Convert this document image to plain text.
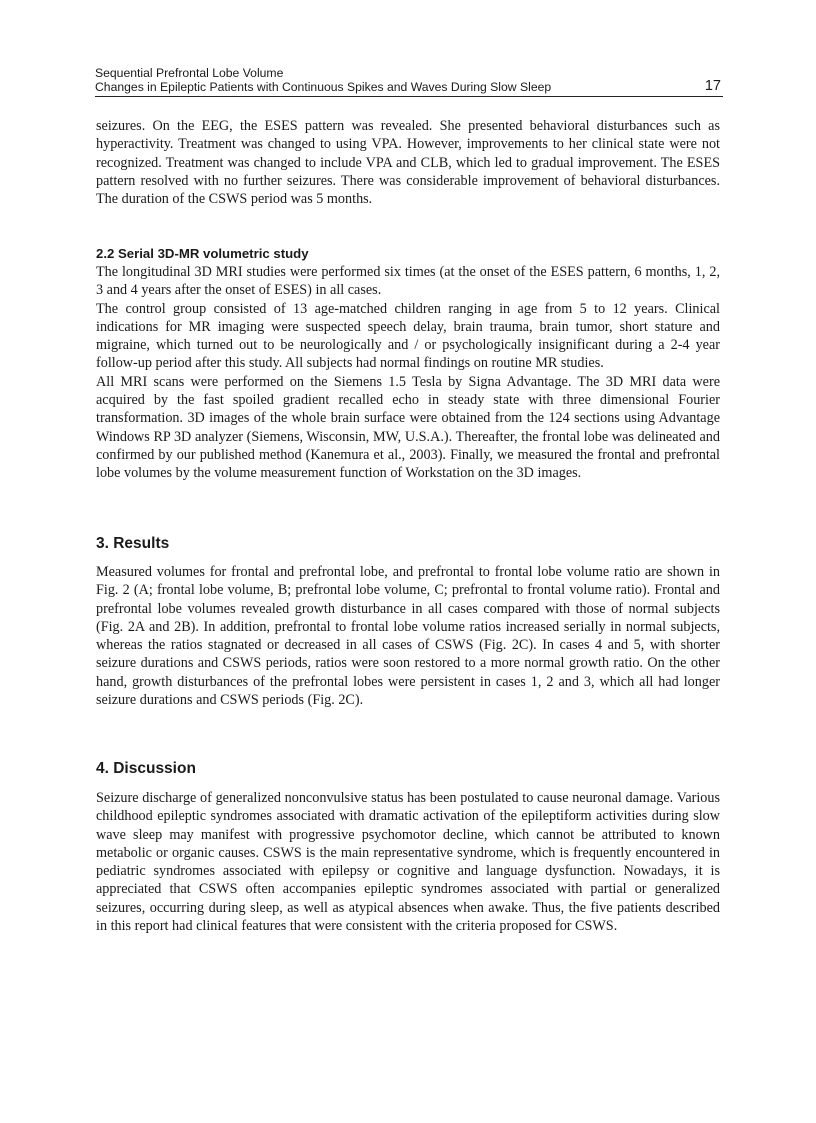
Sequential Prefrontal Lobe Volume
Changes in Epileptic Patients with Continuous Spikes and Waves During Slow Sleep	17

seizures. On the EEG, the ESES pattern was revealed. She presented behavioral disturbances such as hyperactivity. Treatment was changed to using VPA. However, improvements to her clinical state were not recognized. Treatment was changed to include VPA and CLB, which led to gradual improvement. The ESES pattern resolved with no further seizures. There was considerable improvement of behavioral disturbances. The duration of the CSWS period was 5 months.

2.2 Serial 3D-MR volumetric study

The longitudinal 3D MRI studies were performed six times (at the onset of the ESES pattern, 6 months, 1, 2, 3 and 4 years after the onset of ESES) in all cases.

The control group consisted of 13 age-matched children ranging in age from 5 to 12 years. Clinical indications for MR imaging were suspected speech delay, brain trauma, brain tumor, short stature and migraine, which turned out to be neurologically and / or psychologically insignificant during a 2-4 year follow-up period after this study. All subjects had normal findings on routine MR studies.

All MRI scans were performed on the Siemens 1.5 Tesla by Signa Advantage. The 3D MRI data were acquired by the fast spoiled gradient recalled echo in steady state with three dimensional Fourier transformation. 3D images of the whole brain surface were obtained from the 124 sections using Advantage Windows RP 3D analyzer (Siemens, Wisconsin, MW, U.S.A.). Thereafter, the frontal lobe was delineated and confirmed by our published method (Kanemura et al., 2003). Finally, we measured the frontal and prefrontal lobe volumes by the volume measurement function of Workstation on the 3D images.

3. Results

Measured volumes for frontal and prefrontal lobe, and prefrontal to frontal lobe volume ratio are shown in Fig. 2 (A; frontal lobe volume, B; prefrontal lobe volume, C; prefrontal to frontal volume ratio). Frontal and prefrontal lobe volumes revealed growth disturbance in all cases compared with those of normal subjects (Fig. 2A and 2B). In addition, prefrontal to frontal lobe volume ratios increased serially in normal subjects, whereas the ratios stagnated or decreased in all cases of CSWS (Fig. 2C). In cases 4 and 5, with shorter seizure durations and CSWS periods, ratios were soon restored to a more normal growth ratio. On the other hand, growth disturbances of the prefrontal lobes were persistent in cases 1, 2 and 3, which all had longer seizure durations and CSWS periods (Fig. 2C).

4. Discussion

Seizure discharge of generalized nonconvulsive status has been postulated to cause neuronal damage. Various childhood epileptic syndromes associated with dramatic activation of the epileptiform activities during slow wave sleep may manifest with progressive psychomotor decline, which cannot be attributed to known metabolic or organic causes. CSWS is the main representative syndrome, which is frequently encountered in pediatric syndromes associated with epilepsy or cognitive and language dysfunction. Nowadays, it is appreciated that CSWS often accompanies epileptic syndromes associated with partial or generalized seizures, occurring during sleep, as well as atypical absences when awake. Thus, the five patients described in this report had clinical features that were consistent with the criteria proposed for CSWS.
